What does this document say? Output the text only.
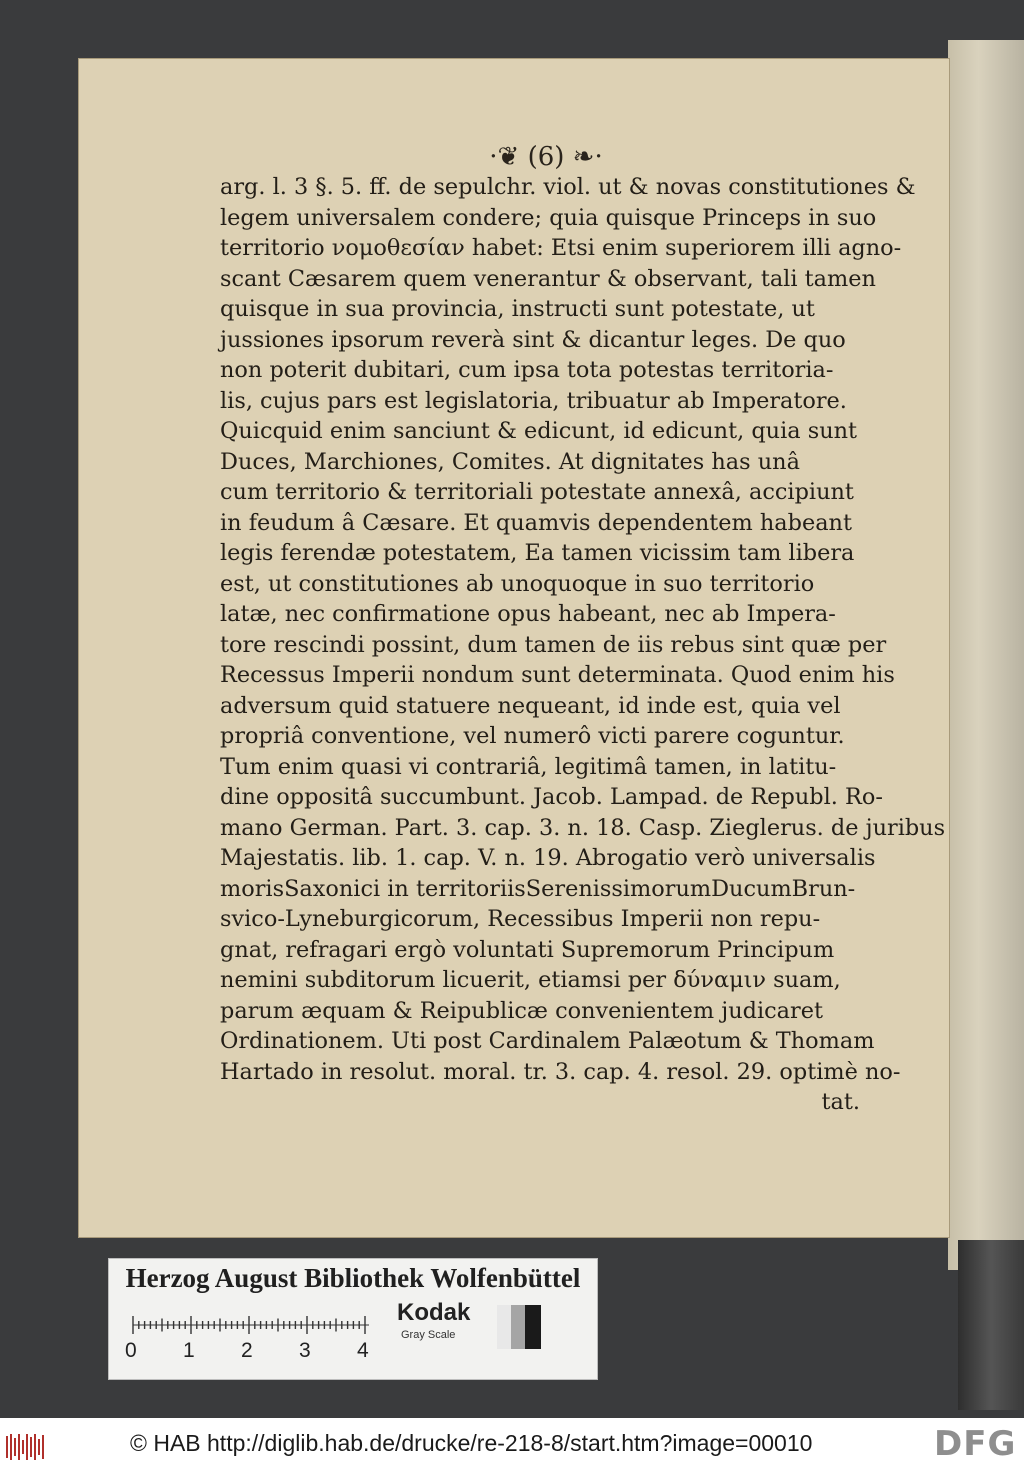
·❦ (6) ❧·
arg. l. 3 §. 5. ff. de sepulchr. viol. ut & novas constitutiones &
legem universalem condere; quia quisque Princeps in suo
territorio νομοθεσίαν habet: Etsi enim superiorem illi agno-
scant Cæsarem quem venerantur & observant, tali tamen
quisque in sua provincia, instructi sunt potestate, ut
jussiones ipsorum reverà sint & dicantur leges. De quo
non poterit dubitari, cum ipsa tota potestas territoria-
lis, cujus pars est legislatoria, tribuatur ab Imperatore.
Quicquid enim sanciunt & edicunt, id edicunt, quia sunt
Duces, Marchiones, Comites. At dignitates has unâ
cum territorio & territoriali potestate annexâ, accipiunt
in feudum â Cæsare. Et quamvis dependentem habeant
legis ferendæ potestatem, Ea tamen vicissim tam libera
est, ut constitutiones ab unoquoque in suo territorio
latæ, nec confirmatione opus habeant, nec ab Impera-
tore rescindi possint, dum tamen de iis rebus sint quæ per
Recessus Imperii nondum sunt determinata. Quod enim his
adversum quid statuere nequeant, id inde est, quia vel
propriâ conventione, vel numerô victi parere coguntur.
Tum enim quasi vi contrariâ, legitimâ tamen, in latitu-
dine oppositâ succumbunt. Jacob. Lampad. de Republ. Ro-
mano German. Part. 3. cap. 3. n. 18. Casp. Zieglerus. de juribus
Majestatis. lib. 1. cap. V. n. 19. Abrogatio verò universalis
morisSaxonici in territoriisSerenissimorumDucumBrun-
svico-Lyneburgicorum, Recessibus Imperii non repu-
gnat, refragari ergò voluntati Supremorum Principum
nemini subditorum licuerit, etiamsi per δύναμιν suam,
parum æquam & Reipublicæ convenientem judicaret
Ordinationem. Uti post Cardinalem Palæotum & Thomam
Hartado in resolut. moral. tr. 3. cap. 4. resol. 29. optimè no-
tat.
Herzog August Bibliothek Wolfenbüttel
0 1 2 3 4
Kodak
Gray Scale
© HAB http://diglib.hab.de/drucke/re-218-8/start.htm?image=00010	DFG
